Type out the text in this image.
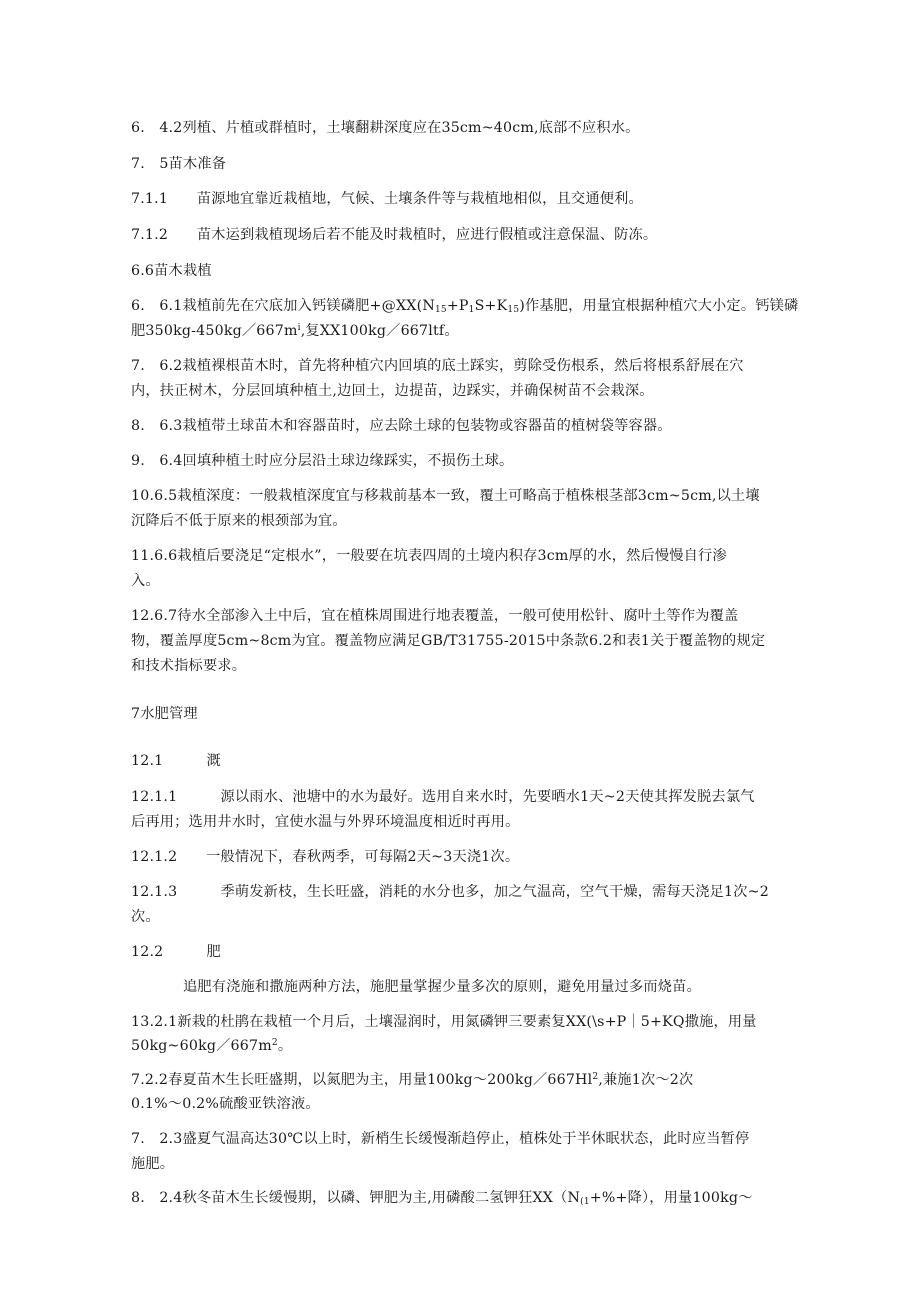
6.　4.2列植、片植或群植时，土壤翻耕深度应在35cm~40cm,底部不应积水。
7.　5苗木准备
7.1.1　　苗源地宜靠近栽植地，气候、土壤条件等与栽植地相似，且交通便利。
7.1.2　　苗木运到栽植现场后若不能及时栽植时，应进行假植或注意保温、防冻。
6.6苗木栽植
6.　6.1栽植前先在穴底加入钙镁磷肥$+@XX(N_{15}+P_1S+K_{15})$作基肥，用量宜根据种植穴大小定。钙镁磷
肥$350kg-450kg/667m^i$,复XX100kg／667ltf。
7.　6.2栽植裸根苗木时，首先将种植穴内回填的底土踩实，剪除受伤根系，然后将根系舒展在穴
内，扶正树木，分层回填种植土,边回土，边提苗，边踩实，并确保树苗不会栽深。
8.　6.3栽植带土球苗木和容器苗时，应去除土球的包装物或容器苗的植树袋等容器。
9.　6.4回填种植土时应分层沿土球边缘踩实，不损伤土球。
10.6.5栽植深度：一般栽植深度宜与移栽前基本一致，覆土可略高于植株根茎部3cm~5cm,以土壤
沉降后不低于原来的根颈部为宜。
11.6.6栽植后要浇足“定根水”，一般要在坑表四周的土境内积存3cm厚的水，然后慢慢自行渗
入。
12.6.7待水全部渗入土中后，宜在植株周围进行地表覆盖，一般可使用松针、腐叶土等作为覆盖
物，覆盖厚度5cm~8cm为宜。覆盖物应满足GB/T31755-2015中条款6.2和表1关于覆盖物的规定
和技术指标要求。
7水肥管理
12.1　　　溉
12.1.1　　　源以雨水、池塘中的水为最好。选用自来水时，先要晒水1天~2天使其挥发脱去氯气
后再用；选用井水时，宜使水温与外界环境温度相近时再用。
12.1.2　　一般情况下，春秋两季，可每隔2天~3天浇1次。
12.1.3　　　季萌发新枝，生长旺盛，消耗的水分也多，加之气温高，空气干燥，需每天浇足1次~2
次。
12.2　　　肥
追肥有浇施和撒施两种方法，施肥量掌握少量多次的原则，避免用量过多而烧苗。
13.2.1新栽的杜鹃在栽植一个月后，土壤湿润时，用氮磷钾三要素复XX(\s+P｜5+KQ撒施，用量
$50kg\sim 60kg/667m^2$。
7.2.2春夏苗木生长旺盛期，以氮肥为主，用量100kg～200kg／667Hl$^2$,兼施1次～2次
0.1%～0.2%硫酸亚铁溶液。
7.　2.3盛夏气温高达30℃以上时，新梢生长缓慢渐趋停止，植株处于半休眠状态，此时应当暂停
施肥。
8.　2.4秋冬苗木生长缓慢期，以磷、钾肥为主,用磷酸二氢钾狂$XX(N_{(1}+\%+$降），用量100kg～
